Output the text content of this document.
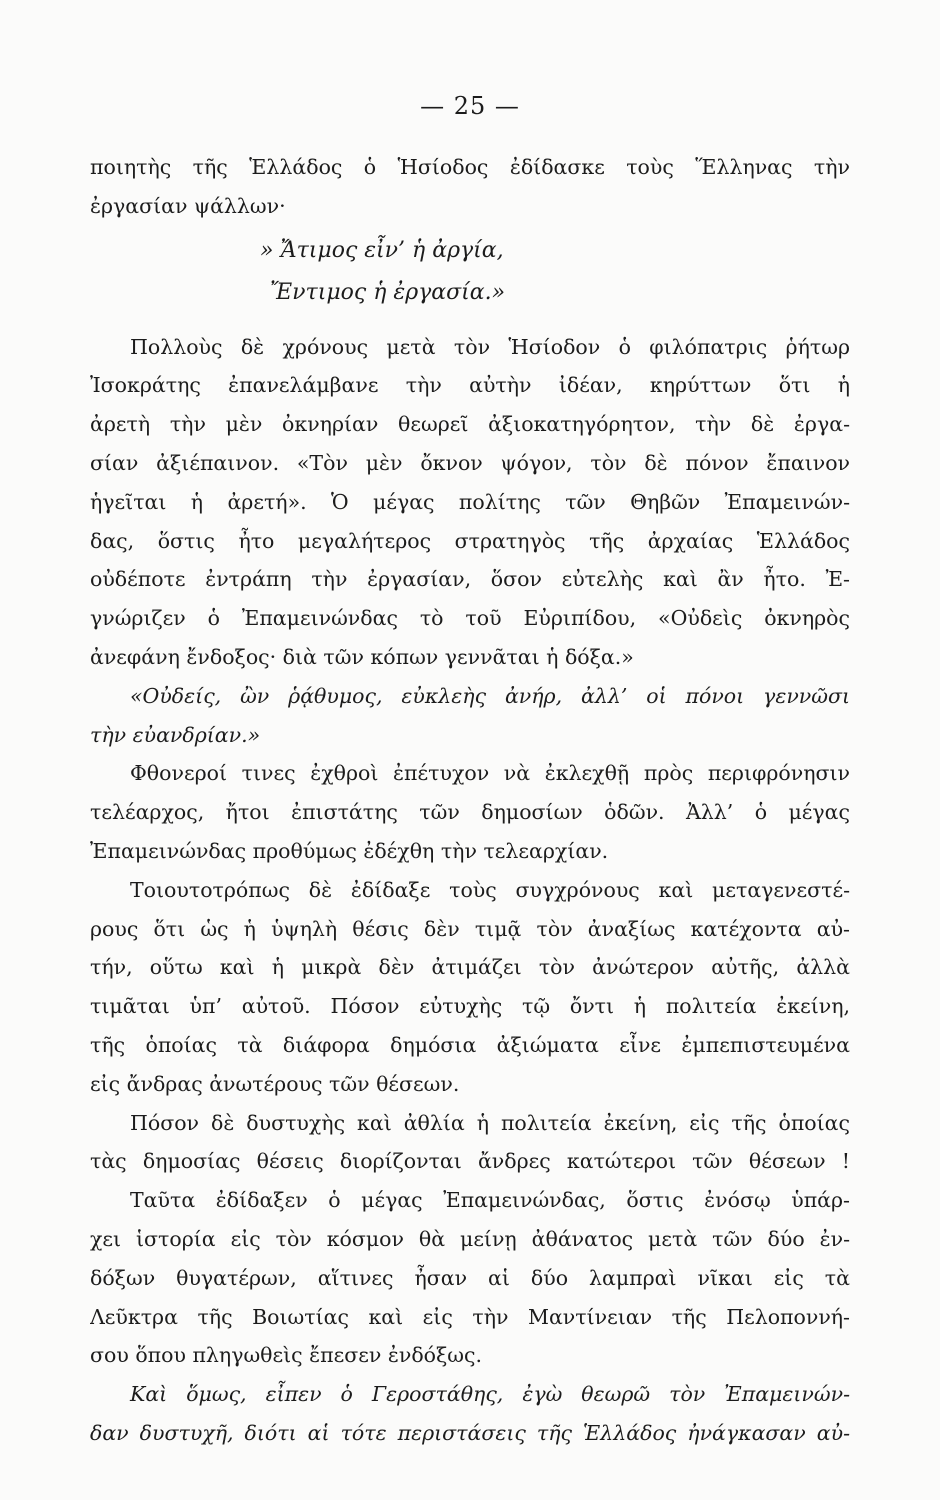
— 25 —
ποιητὴς τῆς Ἑλλάδος ὁ Ἡσίοδος ἐδίδασκε τοὺς Ἕλληνας τὴν
ἐργασίαν ψάλλων·
» Ἄτιμος εἶν’ ἡ ἀργία,
Ἔντιμος ἡ ἐργασία.»
Πολλοὺς δὲ χρόνους μετὰ τὸν Ἡσίοδον ὁ φιλόπατρις ῥήτωρ
Ἰσοκράτης ἐπανελάμβανε τὴν αὐτὴν ἰδέαν, κηρύττων ὅτι ἡ
ἀρετὴ τὴν μὲν ὀκνηρίαν θεωρεῖ ἀξιοκατηγόρητον, τὴν δὲ ἐργα-
σίαν ἀξιέπαινον. «Τὸν μὲν ὄκνον ψόγον, τὸν δὲ πόνον ἔπαινον
ἡγεῖται ἡ ἀρετή». Ὁ μέγας πολίτης τῶν Θηβῶν Ἐπαμεινών-
δας, ὅστις ἦτο μεγαλήτερος στρατηγὸς τῆς ἀρχαίας Ἑλλάδος
οὐδέποτε ἐντράπη τὴν ἐργασίαν, ὅσον εὐτελὴς καὶ ἂν ἦτο. Ἐ-
γνώριζεν ὁ Ἐπαμεινώνδας τὸ τοῦ Εὐριπίδου, «Οὐδεὶς ὀκνηρὸς
ἀνεφάνη ἔνδοξος· διὰ τῶν κόπων γεννᾶται ἡ δόξα.»
«Οὐδείς, ὢν ῥᾴθυμος, εὐκλεὴς ἀνήρ, ἀλλ’ οἱ πόνοι γεννῶσι
τὴν εὐανδρίαν.»
Φθονεροί τινες ἐχθροὶ ἐπέτυχον νὰ ἐκλεχθῇ πρὸς περιφρόνησιν
τελέαρχος, ἤτοι ἐπιστάτης τῶν δημοσίων ὁδῶν. Ἀλλ’ ὁ μέγας
Ἐπαμεινώνδας προθύμως ἐδέχθη τὴν τελεαρχίαν.
Τοιουτοτρόπως δὲ ἐδίδαξε τοὺς συγχρόνους καὶ μεταγενεστέ-
ρους ὅτι ὡς ἡ ὑψηλὴ θέσις δὲν τιμᾷ τὸν ἀναξίως κατέχοντα αὐ-
τήν, οὕτω καὶ ἡ μικρὰ δὲν ἀτιμάζει τὸν ἀνώτερον αὐτῆς, ἀλλὰ
τιμᾶται ὑπ’ αὐτοῦ. Πόσον εὐτυχὴς τῷ ὄντι ἡ πολιτεία ἐκείνη,
τῆς ὁποίας τὰ διάφορα δημόσια ἀξιώματα εἶνε ἐμπεπιστευμένα
εἰς ἄνδρας ἀνωτέρους τῶν θέσεων.
Πόσον δὲ δυστυχὴς καὶ ἀθλία ἡ πολιτεία ἐκείνη, εἰς τῆς ὁποίας
τὰς δημοσίας θέσεις διορίζονται ἄνδρες κατώτεροι τῶν θέσεων !
Ταῦτα ἐδίδαξεν ὁ μέγας Ἐπαμεινώνδας, ὅστις ἐνόσῳ ὑπάρ-
χει ἱστορία εἰς τὸν κόσμον θὰ μείνῃ ἀθάνατος μετὰ τῶν δύο ἐν-
δόξων θυγατέρων, αἵτινες ἦσαν αἱ δύο λαμπραὶ νῖκαι εἰς τὰ
Λεῦκτρα τῆς Βοιωτίας καὶ εἰς τὴν Μαντίνειαν τῆς Πελοποννή-
σου ὅπου πληγωθεὶς ἔπεσεν ἐνδόξως.
Καὶ ὅμως, εἶπεν ὁ Γεροστάθης, ἐγὼ θεωρῶ τὸν Ἐπαμεινών-
δαν δυστυχῆ, διότι αἱ τότε περιστάσεις τῆς Ἑλλάδος ἠνάγκασαν αὐ-
